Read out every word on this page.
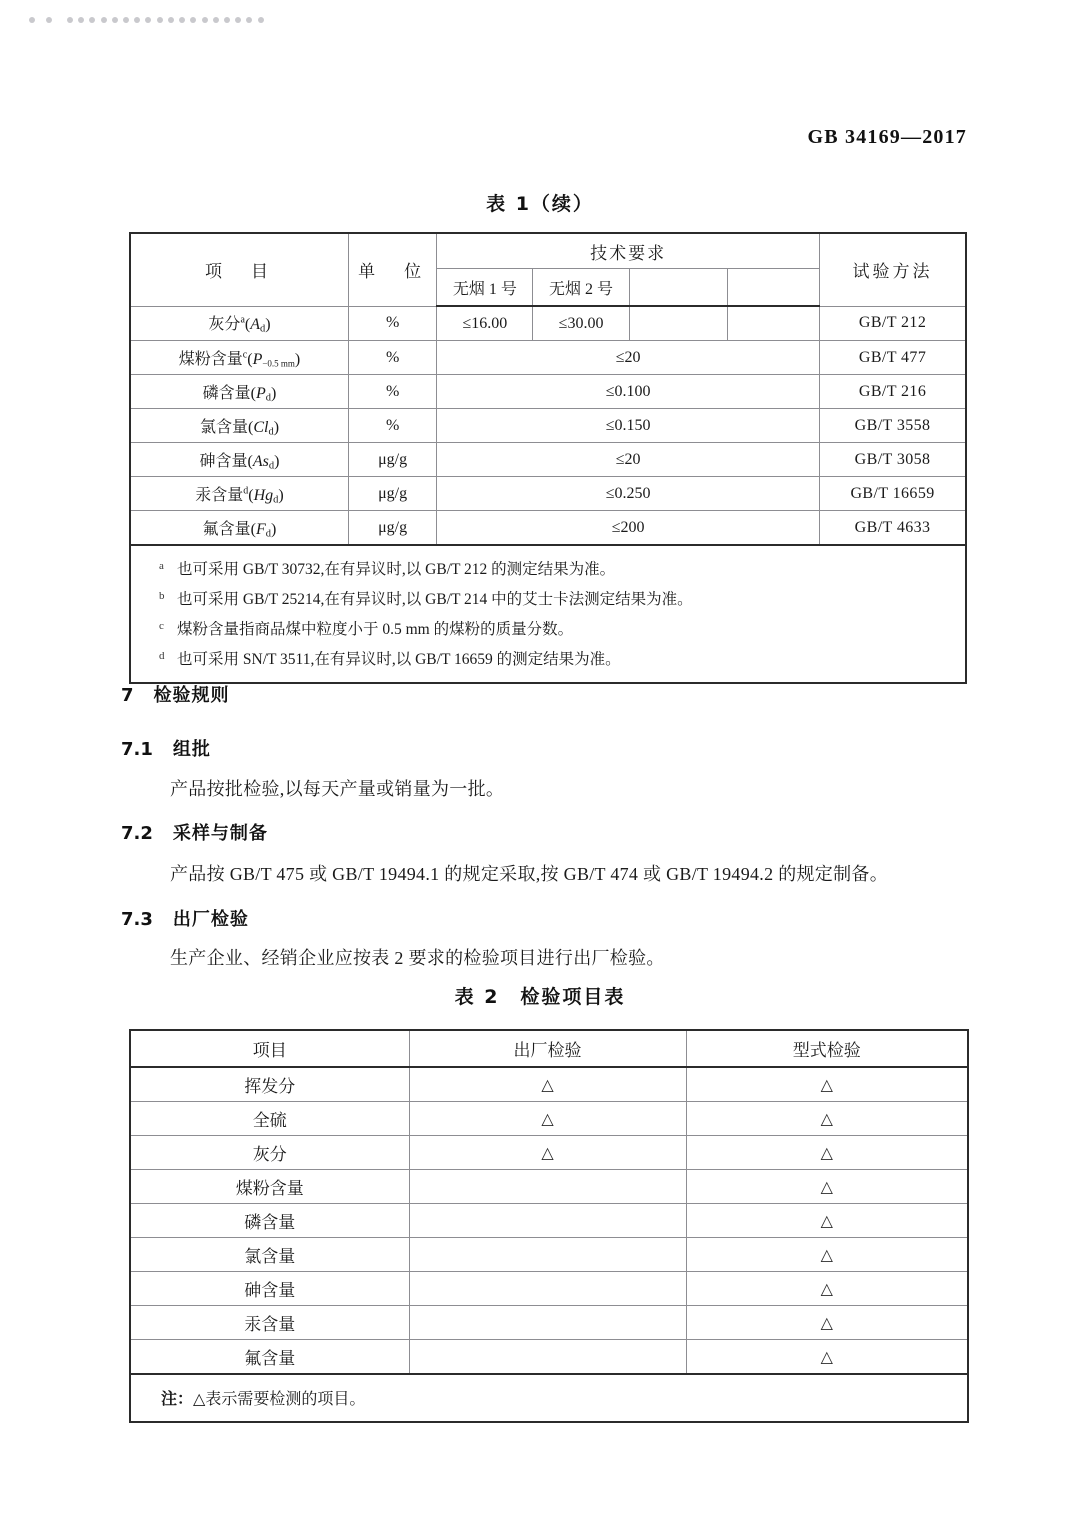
GB 34169—2017
表 1（续）
项　目	单　位	技术要求				试验方法
		无烟 1 号	无烟 2 号			
灰分$^a(A_d)$	%	≤16.00	≤30.00			GB/T 212
煤粉含量$^c(P_{-0.5 mm})$	%	≤20				GB/T 477
磷含量$(P_d)$	%	≤0.100				GB/T 216
氯含量$(Cl_d)$	%	≤0.150				GB/T 3558
砷含量$(As_d)$	μg/g	≤20				GB/T 3058
汞含量$^d(Hg_d)$	μg/g	≤0.250				GB/T 16659
氟含量$(F_d)$	μg/g	≤200				GB/T 4633

a 也可采用 GB/T 30732,在有异议时,以 GB/T 212 的测定结果为准。
b 也可采用 GB/T 25214,在有异议时,以 GB/T 214 中的艾士卡法测定结果为准。
c 煤粉含量指商品煤中粒度小于 0.5 mm 的煤粉的质量分数。
d 也可采用 SN/T 3511,在有异议时,以 GB/T 16659 的测定结果为准。						
7 检验规则
7.1 组批
产品按批检验,以每天产量或销量为一批。
7.2 采样与制备
产品按 GB/T 475 或 GB/T 19494.1 的规定采取,按 GB/T 474 或 GB/T 19494.2 的规定制备。
7.3 出厂检验
生产企业、经销企业应按表 2 要求的检验项目进行出厂检验。
表 2　检验项目表
项目	出厂检验	型式检验
挥发分	△	△
全硫	△	△
灰分	△	△
煤粉含量		△
磷含量		△
氯含量		△
砷含量		△
汞含量		△
氟含量		△
注：△表示需要检测的项目。		
